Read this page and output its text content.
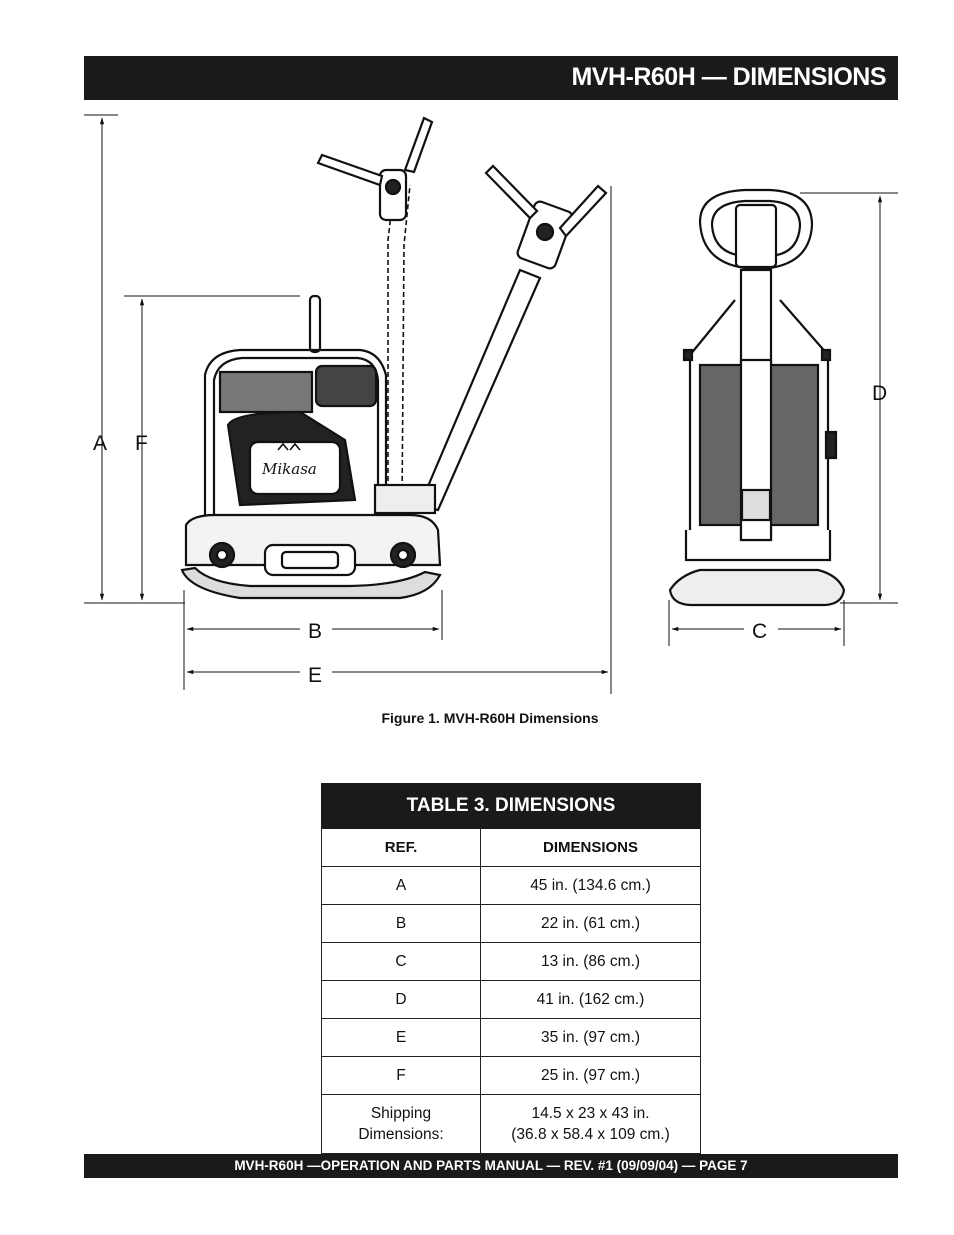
MVH-R60H — DIMENSIONS
Mikasa
A F
B
E
C
D
Figure 1. MVH-R60H Dimensions
TABLE 3. DIMENSIONS	
REF.	DIMENSIONS
A	45 in. (134.6 cm.)
B	22 in. (61 cm.)
C	13 in. (86 cm.)
D	41 in. (162 cm.)
E	35 in. (97 cm.)
F	25 in. (97 cm.)
Shipping
Dimensions:	14.5 x 23 x 43 in.
(36.8 x 58.4 x 109 cm.)
MVH-R60H —OPERATION AND PARTS MANUAL — REV. #1 (09/09/04) — PAGE 7
